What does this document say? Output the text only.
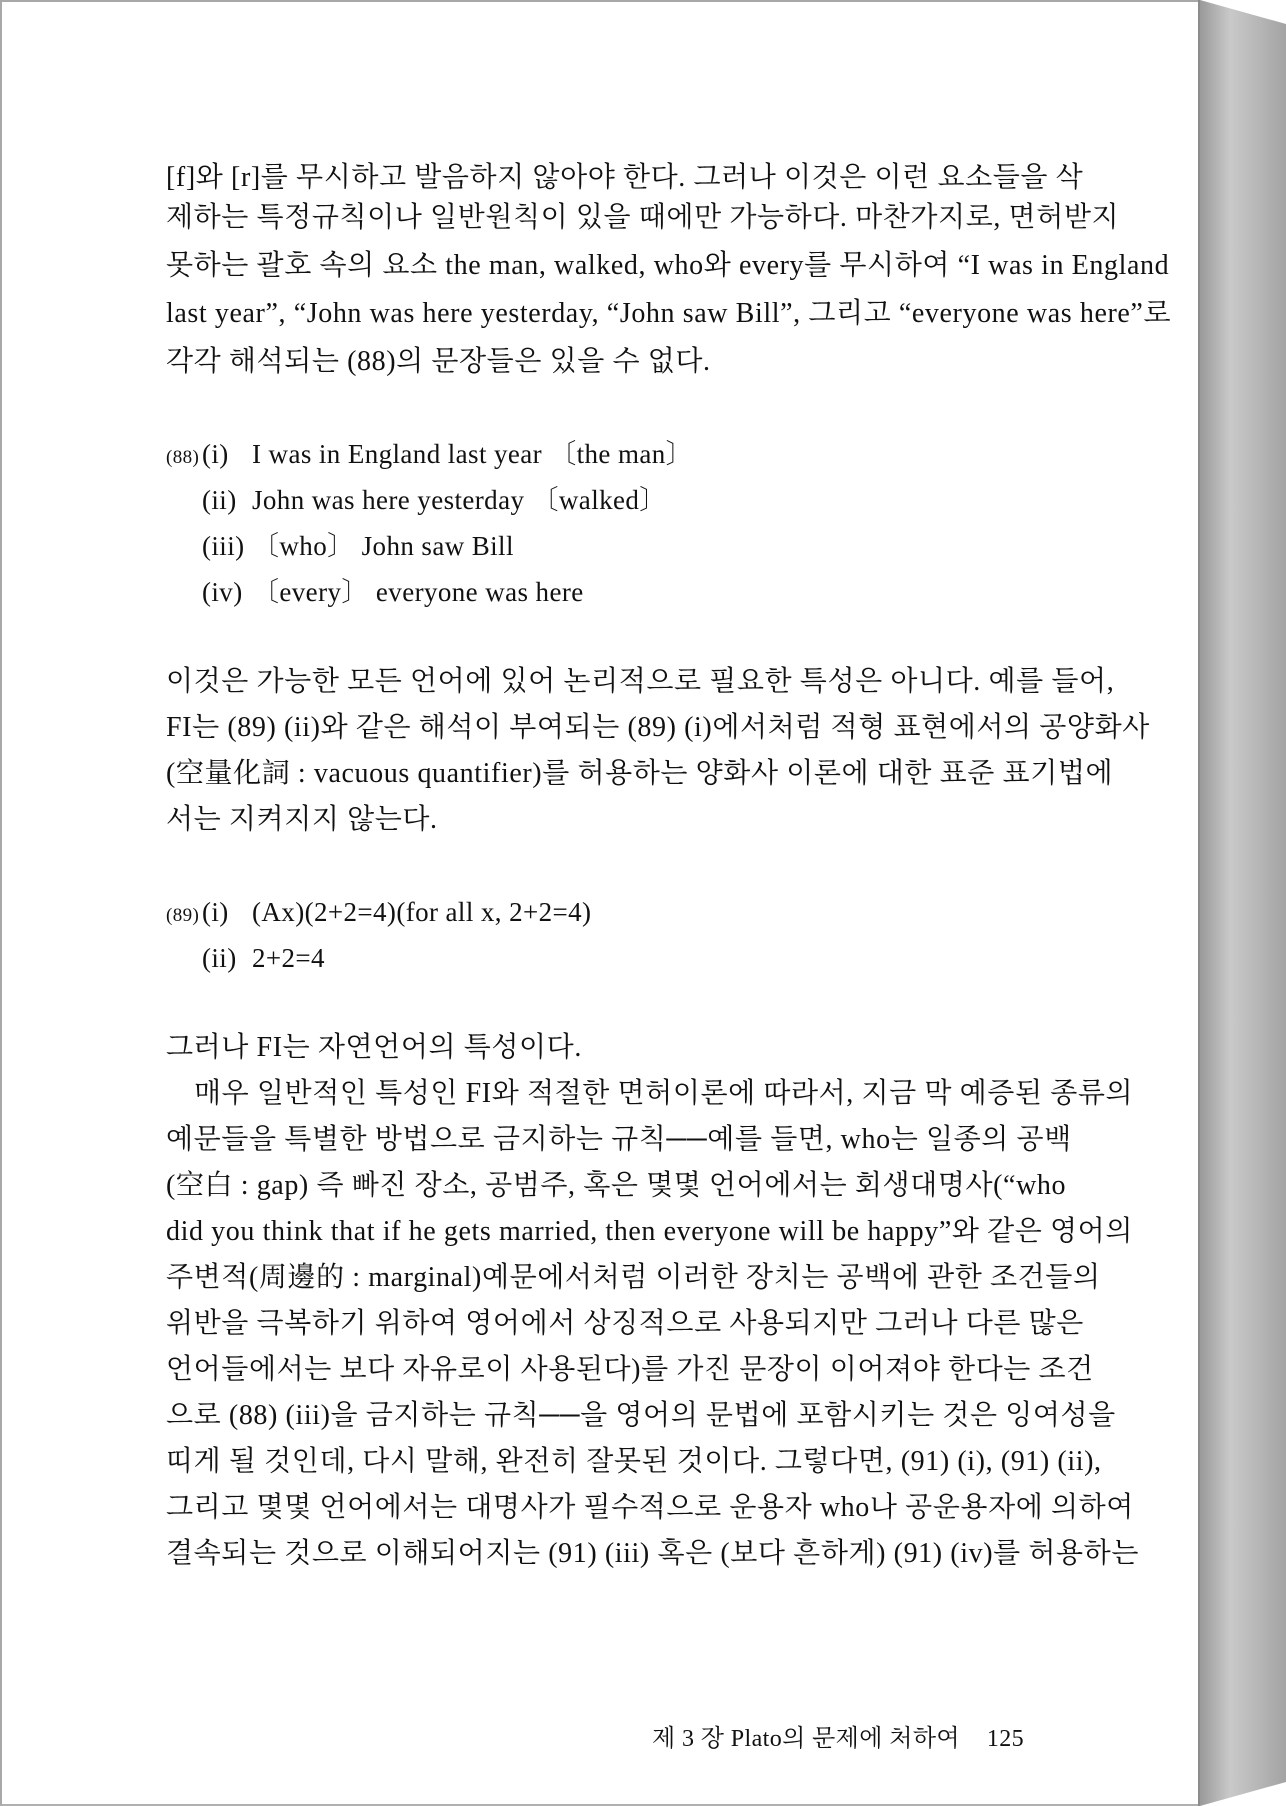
[f]와 [r]를 무시하고 발음하지 않아야 한다. 그러나 이것은 이런 요소들을 삭
제하는 특정규칙이나 일반원칙이 있을 때에만 가능하다. 마찬가지로, 면허받지
못하는 괄호 속의 요소 the man, walked, who와 every를 무시하여 “I was in England
last year”, “John was here yesterday, “John saw Bill”, 그리고 “everyone was here”로
각각 해석되는 (88)의 문장들은 있을 수 없다.
(88) (i) I was in England last year 〔the man〕
(ii) John was here yesterday 〔walked〕
(iii) 〔who〕 John saw Bill
(iv) 〔every〕 everyone was here
이것은 가능한 모든 언어에 있어 논리적으로 필요한 특성은 아니다. 예를 들어,
FI는 (89) (ii)와 같은 해석이 부여되는 (89) (i)에서처럼 적형 표현에서의 공양화사
(空量化詞 : vacuous quantifier)를 허용하는 양화사 이론에 대한 표준 표기법에
서는 지켜지지 않는다.
(89) (i) (Ax)(2+2=4)(for all x, 2+2=4)
(ii) 2+2=4
그러나 FI는 자연언어의 특성이다.
매우 일반적인 특성인 FI와 적절한 면허이론에 따라서, 지금 막 예증된 종류의
예문들을 특별한 방법으로 금지하는 규칙──예를 들면, who는 일종의 공백
(空白 : gap) 즉 빠진 장소, 공범주, 혹은 몇몇 언어에서는 회생대명사(“who
did you think that if he gets married, then everyone will be happy”와 같은 영어의
주변적(周邊的 : marginal)예문에서처럼 이러한 장치는 공백에 관한 조건들의
위반을 극복하기 위하여 영어에서 상징적으로 사용되지만 그러나 다른 많은
언어들에서는 보다 자유로이 사용된다)를 가진 문장이 이어져야 한다는 조건
으로 (88) (iii)을 금지하는 규칙──을 영어의 문법에 포함시키는 것은 잉여성을
띠게 될 것인데, 다시 말해, 완전히 잘못된 것이다. 그렇다면, (91) (i), (91) (ii),
그리고 몇몇 언어에서는 대명사가 필수적으로 운용자 who나 공운용자에 의하여
결속되는 것으로 이해되어지는 (91) (iii) 혹은 (보다 흔하게) (91) (iv)를 허용하는
제 3 장 Plato의 문제에 처하여 125
